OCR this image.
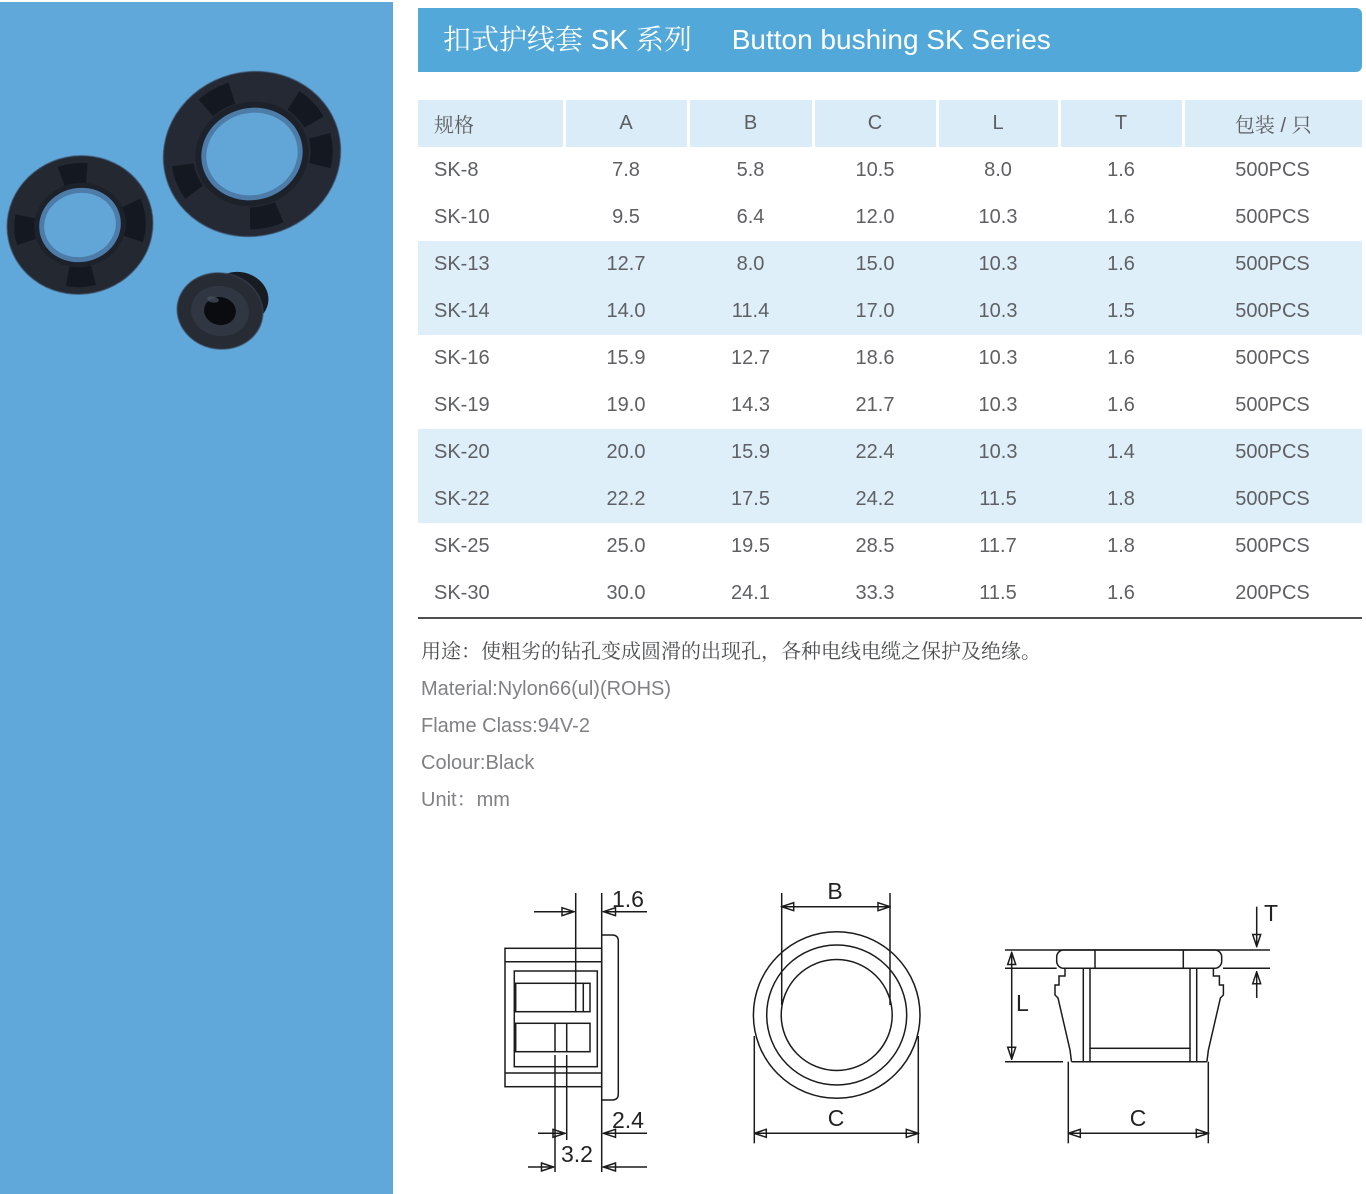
扣式护线套 SK 系列 Button bushing SK Series
规格	A	B	C	L	T	包装 / 只
SK-8	7.8	5.8	10.5	8.0	1.6	500PCS
SK-10	9.5	6.4	12.0	10.3	1.6	500PCS
SK-13	12.7	8.0	15.0	10.3	1.6	500PCS
SK-14	14.0	11.4	17.0	10.3	1.5	500PCS
SK-16	15.9	12.7	18.6	10.3	1.6	500PCS
SK-19	19.0	14.3	21.7	10.3	1.6	500PCS
SK-20	20.0	15.9	22.4	10.3	1.4	500PCS
SK-22	22.2	17.5	24.2	11.5	1.8	500PCS
SK-25	25.0	19.5	28.5	11.7	1.8	500PCS
SK-30	30.0	24.1	33.3	11.5	1.6	200PCS
用途：使粗劣的钻孔变成圆滑的出现孔，各种电线电缆之保护及绝缘。
Material:Nylon66(ul)(ROHS)
Flame Class:94V-2
Colour:Black
Unit：mm
1.6
2.4
3.2
B
C
T
L
C
